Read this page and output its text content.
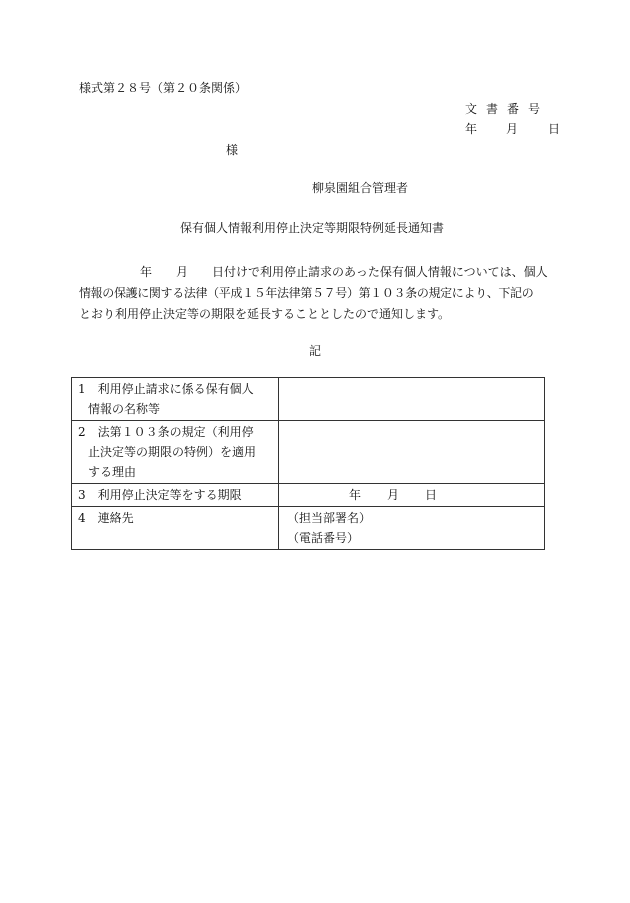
様式第２８号（第２０条関係）
文書番号
年 月	日
様
柳泉園組合管理者
保有個人情報利用停止決定等期限特例延長通知書
年 月 日付けで利用停止請求のあった保有個人情報については、個人
情報の保護に関する法律（平成１５年法律第５７号）第１０３条の規定により、下記の
とおり利用停止決定等の期限を延長することとしたので通知します。
記
1　利用停止請求に係る保有個人
情報の名称等	

2　法第１０３条の規定（利用停
止決定等の期限の特例）を適用
する理由	

3　利用停止決定等をする期限	年 月 日

4　連絡先	（担当部署名）
（電話番号）
